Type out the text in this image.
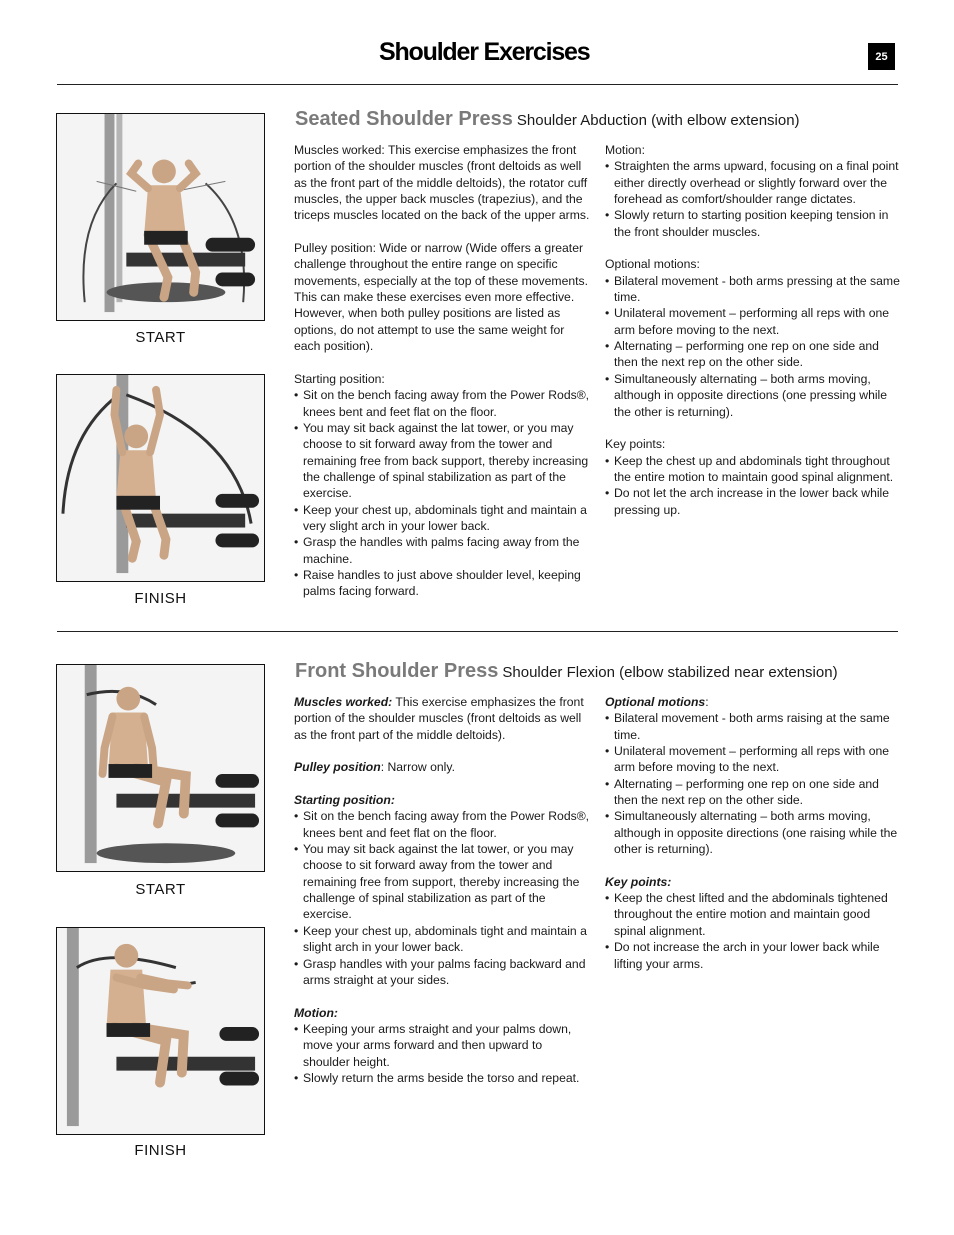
Shoulder Exercises	25
START
FINISH
Seated Shoulder Press Shoulder Abduction (with elbow extension)

Muscles worked: This exercise emphasizes the front portion of the shoulder muscles (front deltoids as well as the front part of the middle deltoids), the rotator cuff muscles, the upper back muscles (trapezius), and the triceps muscles located on the back of the upper arms.

Pulley position: Wide or narrow (Wide offers a greater challenge throughout the entire range on specific movements, especially at the top of these movements. This can make these exercises even more effective. However, when both pulley positions are listed as options, do not attempt to use the same weight for each position).

Starting position:
• Sit on the bench facing away from the Power Rods®, knees bent and feet flat on the floor.
• You may sit back against the lat tower, or you may choose to sit forward away from the tower and remaining free from back support, thereby increasing the challenge of spinal stabilization as part of the exercise.
• Keep your chest up, abdominals tight and maintain a very slight arch in your lower back.
• Grasp the handles with palms facing away from the machine.
• Raise handles to just above shoulder level, keeping palms facing forward.
Motion:
• Straighten the arms upward, focusing on a final point either directly overhead or slightly forward over the forehead as comfort/shoulder range dictates.
• Slowly return to starting position keeping tension in the front shoulder muscles.
Optional motions:
• Bilateral movement - both arms pressing at the same time.
• Unilateral movement – performing all reps with one arm before moving to the next.
• Alternating – performing one rep on one side and then the next rep on the other side.
• Simultaneously alternating – both arms moving, although in opposite directions (one pressing while the other is returning).
Key points:
• Keep the chest up and abdominals tight throughout the entire motion to maintain good spinal alignment.
• Do not let the arch increase in the lower back while pressing up.
START
FINISH
Front Shoulder Press Shoulder Flexion (elbow stabilized near extension)

Muscles worked: This exercise emphasizes the front portion of the shoulder muscles (front deltoids as well as the front part of the middle deltoids).

Pulley position: Narrow only.

Starting position:
• Sit on the bench facing away from the Power Rods®, knees bent and feet flat on the floor.
• You may sit back against the lat tower, or you may choose to sit forward away from the tower and remaining free from support, thereby increasing the challenge of spinal stabilization as part of the exercise.
• Keep your chest up, abdominals tight and maintain a slight arch in your lower back.
• Grasp handles with your palms facing backward and arms straight at your sides.
Motion:
• Keeping your arms straight and your palms down, move your arms forward and then upward to shoulder height.
• Slowly return the arms beside the torso and repeat.
Optional motions:
• Bilateral movement - both arms raising at the same time.
• Unilateral movement – performing all reps with one arm before moving to the next.
• Alternating – performing one rep on one side and then the next rep on the other side.
• Simultaneously alternating – both arms moving, although in opposite directions (one raising while the other is returning).
Key points:
• Keep the chest lifted and the abdominals tightened throughout the entire motion and maintain good spinal alignment.
• Do not increase the arch in your lower back while lifting your arms.
